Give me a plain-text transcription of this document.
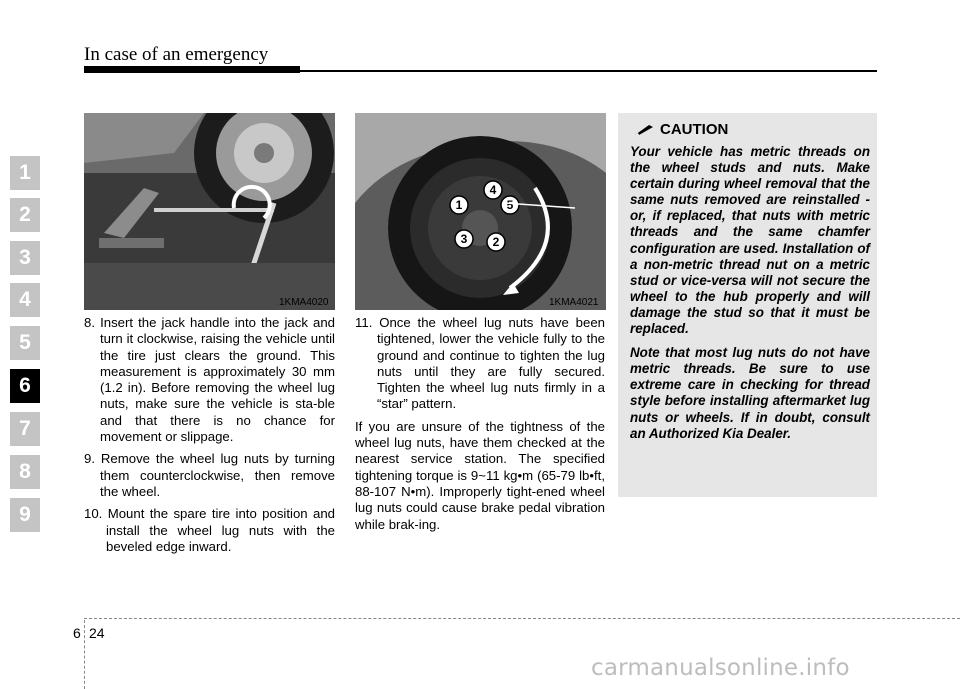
In case of an emergency
1
2
3
4
5
6
7
8
9
1KMA4020
1
4
5
3 2
1KMA4021
8. Insert the jack handle into the jack and turn it clockwise, raising the vehicle until the tire just clears the ground. This measurement is approximately 30 mm (1.2 in). Before removing the wheel lug nuts, make sure the vehicle is sta-ble and that there is no chance for movement or slippage.
9. Remove the wheel lug nuts by turning them counterclockwise, then remove the wheel.
10. Mount the spare tire into position and install the wheel lug nuts with the beveled edge inward.
11. Once the wheel lug nuts have been tightened, lower the vehicle fully to the ground and continue to tighten the lug nuts until they are fully secured. Tighten the wheel lug nuts firmly in a “star” pattern.
If you are unsure of the tightness of the wheel lug nuts, have them checked at the nearest service station. The specified tightening torque is 9~11 kg•m (65-79 lb•ft, 88-107 N•m). Improperly tight-ened wheel lug nuts could cause brake pedal vibration while brak-ing.
CAUTION

Your vehicle has metric threads on the wheel studs and nuts. Make certain during wheel removal that the same nuts removed are reinstalled - or, if replaced, that nuts with metric threads and the same chamfer configuration are used. Installation of a non-metric thread nut on a metric stud or vice-versa will not secure the wheel to the hub properly and will damage the stud so that it must be replaced.

Note that most lug nuts do not have metric threads. Be sure to use extreme care in checking for thread style before installing aftermarket lug nuts or wheels. If in doubt, consult an Authorized Kia Dealer.

6 24
carmanualsonline.info
